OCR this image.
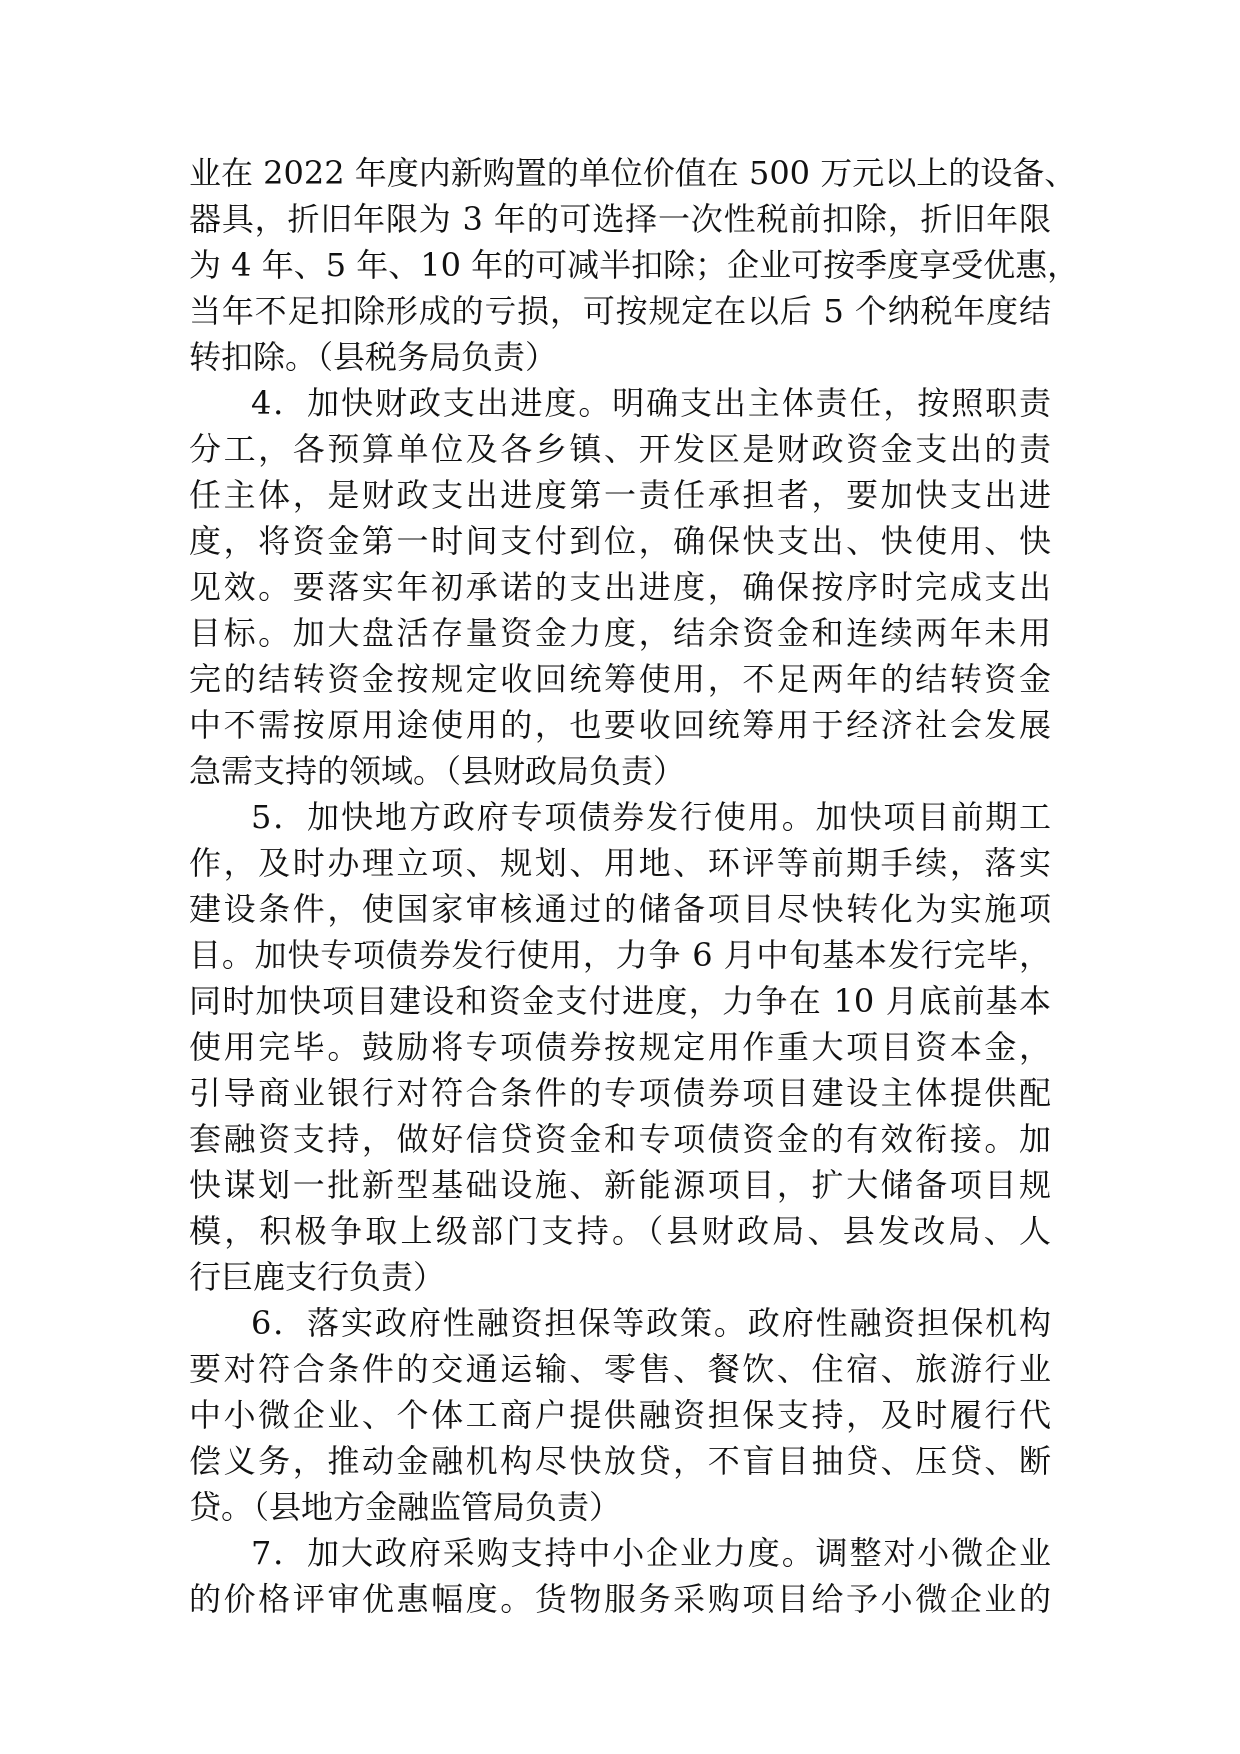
业在 2022 年度内新购置的单位价值在 500 万元以上的设备、
器具，折旧年限为 3 年的可选择一次性税前扣除，折旧年限
为 4 年、5 年、10 年的可减半扣除；企业可按季度享受优惠，
当年不足扣除形成的亏损，可按规定在以后 5 个纳税年度结
转扣除。（县税务局负责）
4．加快财政支出进度。明确支出主体责任，按照职责
分工，各预算单位及各乡镇、开发区是财政资金支出的责
任主体，是财政支出进度第一责任承担者，要加快支出进
度，将资金第一时间支付到位，确保快支出、快使用、快
见效。要落实年初承诺的支出进度，确保按序时完成支出
目标。加大盘活存量资金力度，结余资金和连续两年未用
完的结转资金按规定收回统筹使用，不足两年的结转资金
中不需按原用途使用的，也要收回统筹用于经济社会发展
急需支持的领域。（县财政局负责）
5．加快地方政府专项债券发行使用。加快项目前期工
作，及时办理立项、规划、用地、环评等前期手续，落实
建设条件，使国家审核通过的储备项目尽快转化为实施项
目。加快专项债券发行使用，力争 6 月中旬基本发行完毕，
同时加快项目建设和资金支付进度，力争在 10 月底前基本
使用完毕。鼓励将专项债券按规定用作重大项目资本金，
引导商业银行对符合条件的专项债券项目建设主体提供配
套融资支持，做好信贷资金和专项债资金的有效衔接。加
快谋划一批新型基础设施、新能源项目，扩大储备项目规
模，积极争取上级部门支持。（县财政局、县发改局、人
行巨鹿支行负责）
6．落实政府性融资担保等政策。政府性融资担保机构
要对符合条件的交通运输、零售、餐饮、住宿、旅游行业
中小微企业、个体工商户提供融资担保支持，及时履行代
偿义务，推动金融机构尽快放贷，不盲目抽贷、压贷、断
贷。（县地方金融监管局负责）
7．加大政府采购支持中小企业力度。调整对小微企业
的价格评审优惠幅度。货物服务采购项目给予小微企业的
